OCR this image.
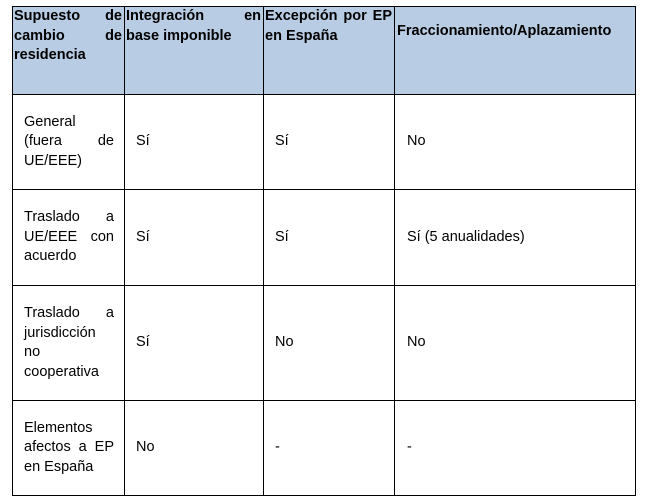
Supuesto de cambio de residencia	Integración en base imponible	Excepción por EP en España	Fraccionamiento/Aplazamiento
General (fuera de UE/EEE)	Sí	Sí	No
Traslado a UE/EEE con acuerdo	Sí	Sí	Sí (5 anualidades)
Traslado a jurisdicción no cooperativa	Sí	No	No
Elementos afectos a EP en España	No	-	-
